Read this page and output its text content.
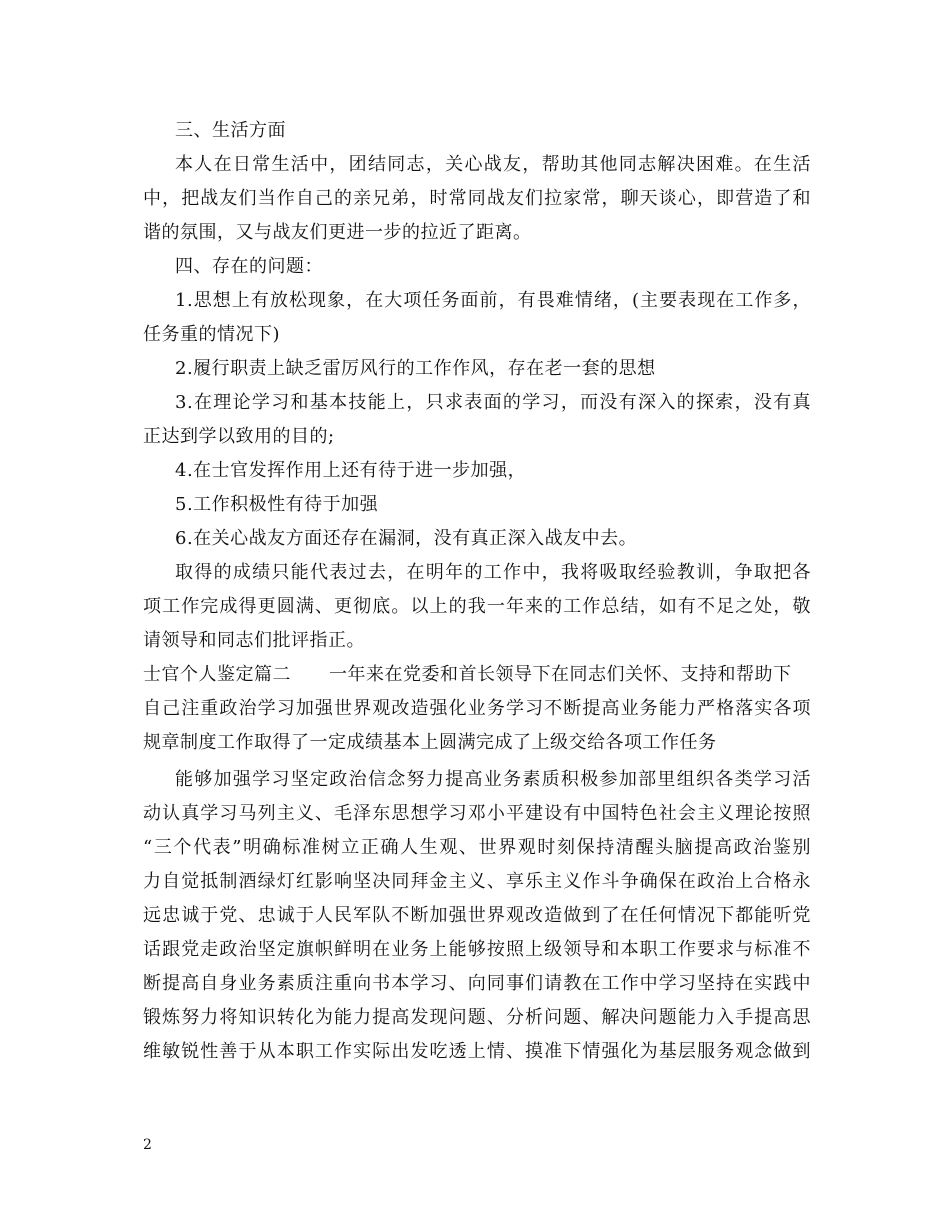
三、生活方面
本人在日常生活中，团结同志，关心战友，帮助其他同志解决困难。在生活
中，把战友们当作自己的亲兄弟，时常同战友们拉家常，聊天谈心，即营造了和
谐的氛围，又与战友们更进一步的拉近了距离。
四、存在的问题：
1.思想上有放松现象，在大项任务面前，有畏难情绪，(主要表现在工作多，
任务重的情况下)
2.履行职责上缺乏雷厉风行的工作作风，存在老一套的思想
3.在理论学习和基本技能上，只求表面的学习，而没有深入的探索，没有真
正达到学以致用的目的;
4.在士官发挥作用上还有待于进一步加强，
5.工作积极性有待于加强
6.在关心战友方面还存在漏洞，没有真正深入战友中去。
取得的成绩只能代表过去，在明年的工作中，我将吸取经验教训，争取把各
项工作完成得更圆满、更彻底。以上的我一年来的工作总结，如有不足之处，敬
请领导和同志们批评指正。
士官个人鉴定篇二 一年来在党委和首长领导下在同志们关怀、支持和帮助下
自己注重政治学习加强世界观改造强化业务学习不断提高业务能力严格落实各项
规章制度工作取得了一定成绩基本上圆满完成了上级交给各项工作任务
能够加强学习坚定政治信念努力提高业务素质积极参加部里组织各类学习活
动认真学习马列主义、毛泽东思想学习邓小平建设有中国特色社会主义理论按照
“三个代表”明确标准树立正确人生观、世界观时刻保持清醒头脑提高政治鉴别
力自觉抵制酒绿灯红影响坚决同拜金主义、享乐主义作斗争确保在政治上合格永
远忠诚于党、忠诚于人民军队不断加强世界观改造做到了在任何情况下都能听党
话跟党走政治坚定旗帜鲜明在业务上能够按照上级领导和本职工作要求与标准不
断提高自身业务素质注重向书本学习、向同事们请教在工作中学习坚持在实践中
锻炼努力将知识转化为能力提高发现问题、分析问题、解决问题能力入手提高思
维敏锐性善于从本职工作实际出发吃透上情、摸准下情强化为基层服务观念做到
2
